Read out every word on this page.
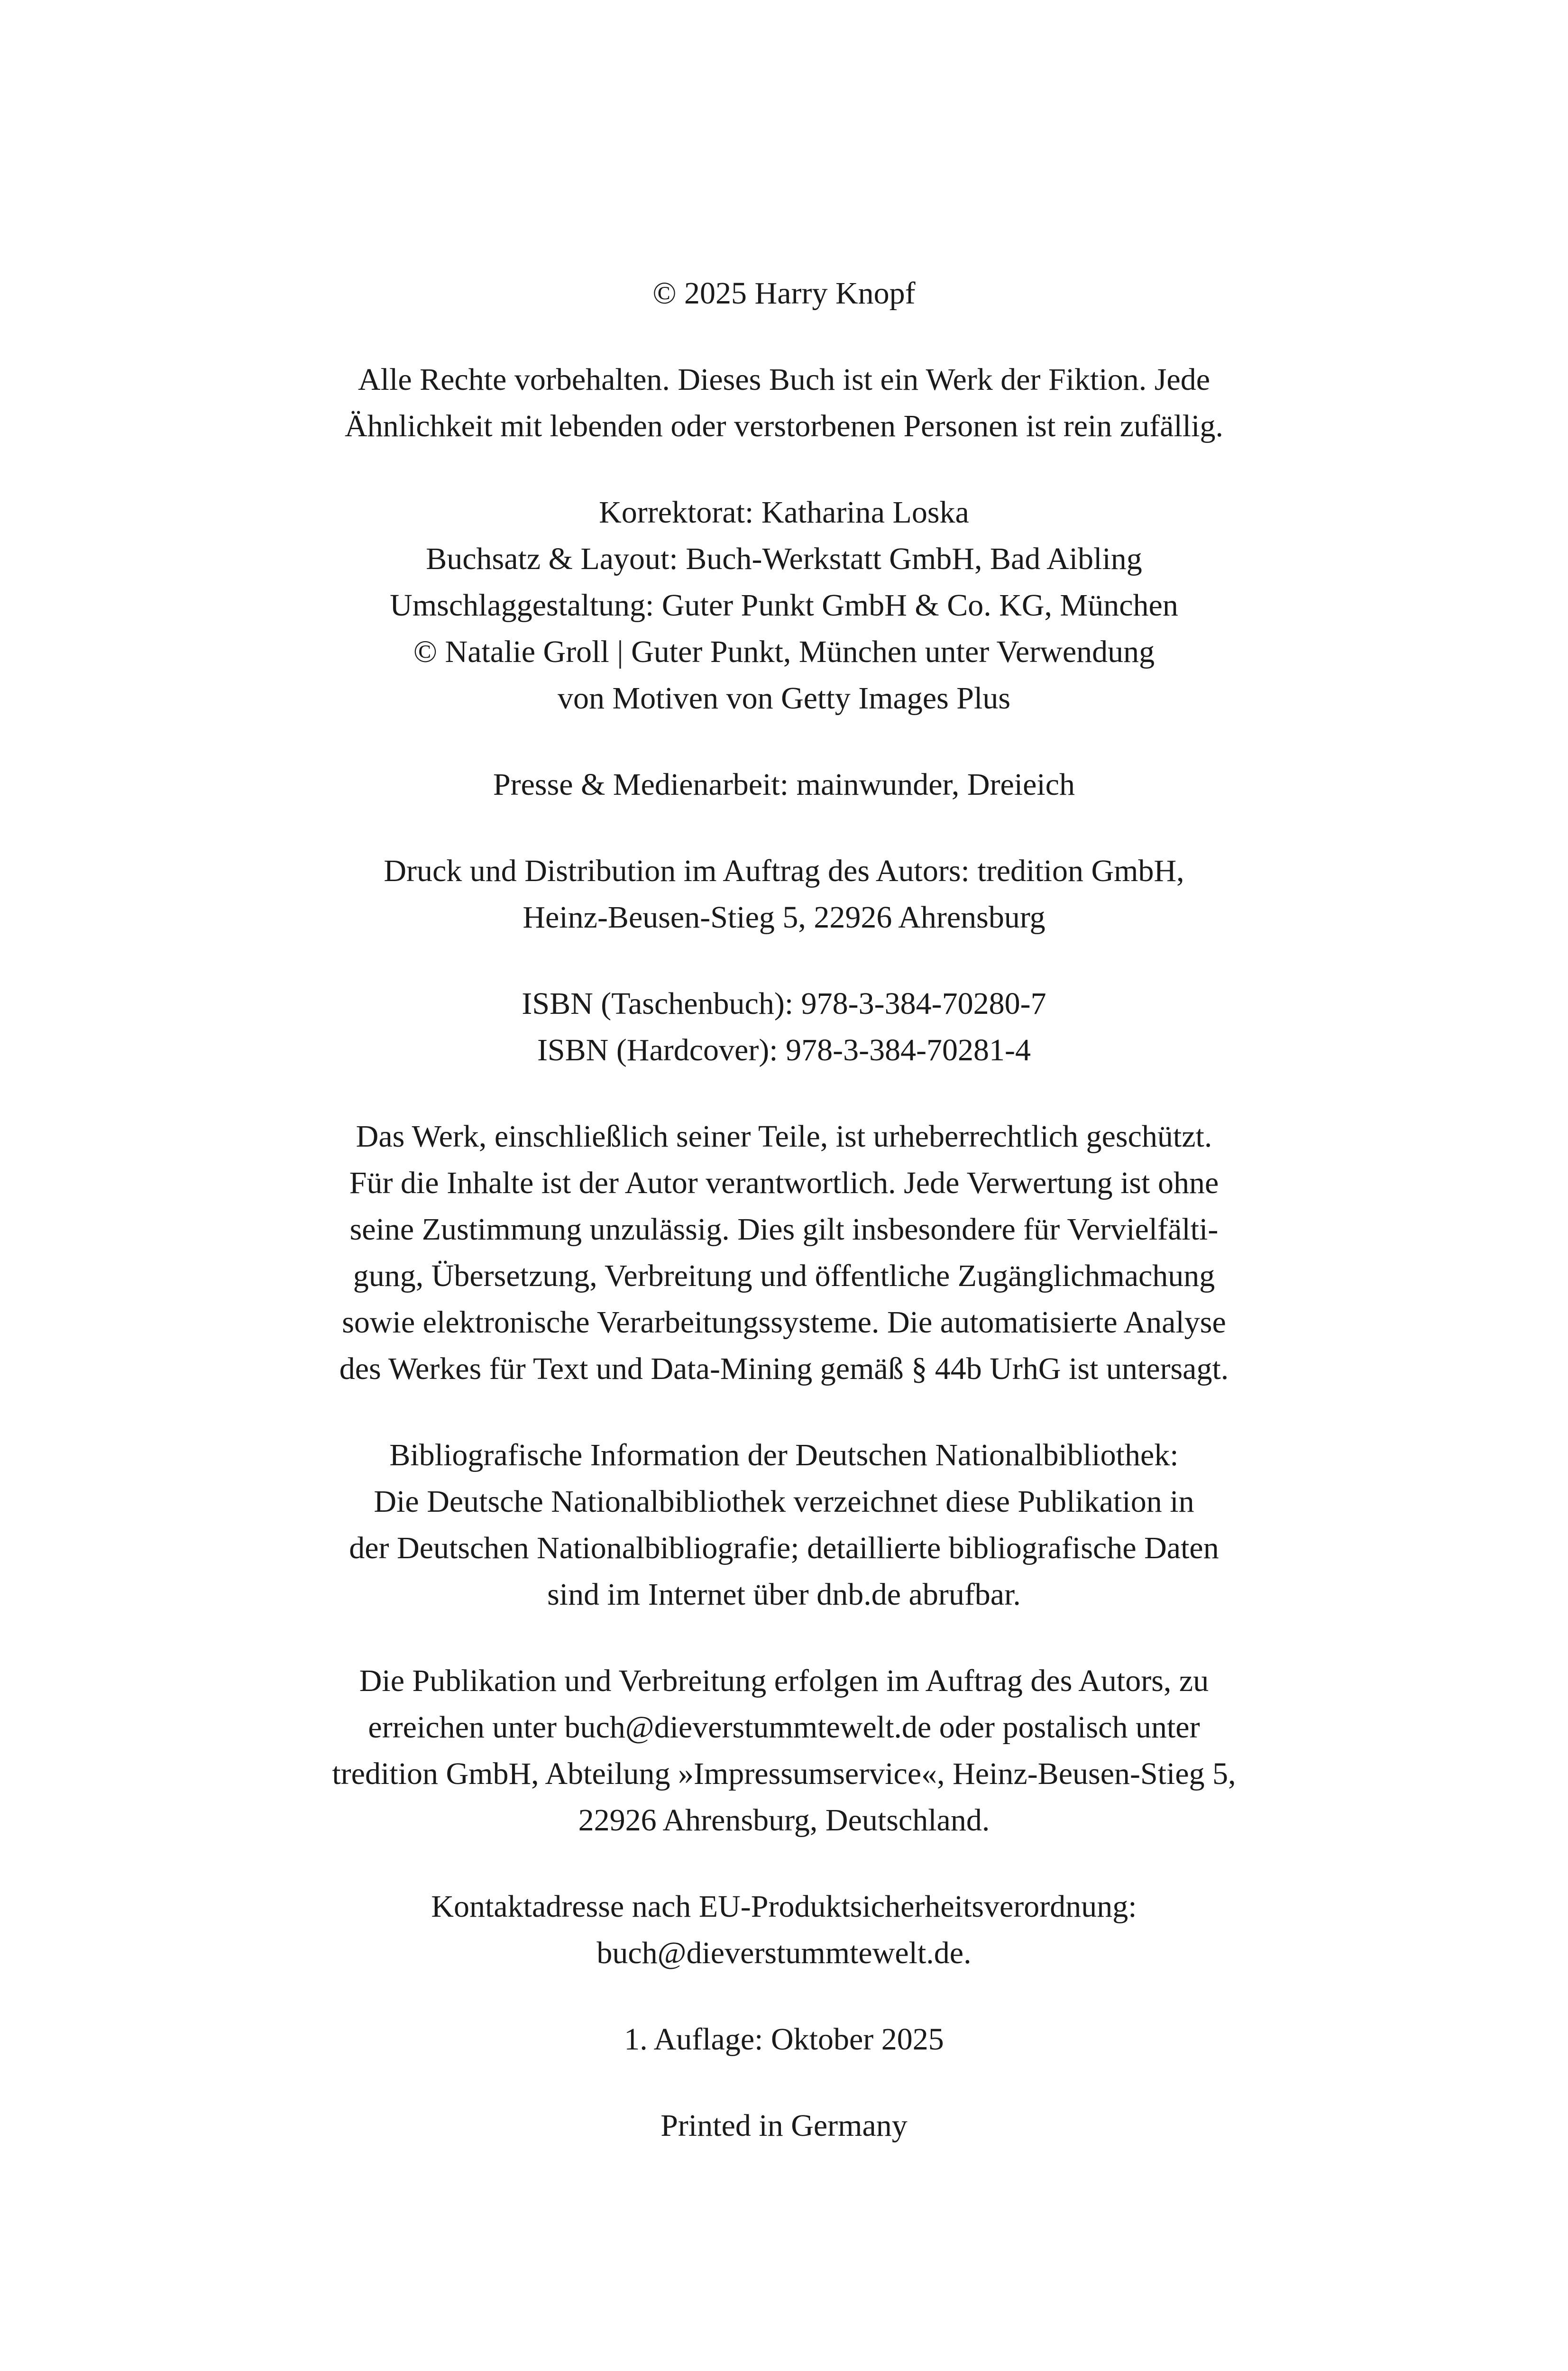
© 2025 Harry Knopf
Alle Rechte vorbehalten. Dieses Buch ist ein Werk der Fiktion. Jede
Ähnlichkeit mit lebenden oder verstorbenen Personen ist rein zufällig.
Korrektorat: Katharina Loska
Buchsatz & Layout: Buch-Werkstatt GmbH, Bad Aibling
Umschlaggestaltung: Guter Punkt GmbH & Co. KG, München
© Natalie Groll | Guter Punkt, München unter Verwendung
von Motiven von Getty Images Plus
Presse & Medienarbeit: mainwunder, Dreieich
Druck und Distribution im Auftrag des Autors: tredition GmbH,
Heinz-Beusen-Stieg 5, 22926 Ahrensburg
ISBN (Taschenbuch): 978-3-384-70280-7
ISBN (Hardcover): 978-3-384-70281-4
Das Werk, einschließlich seiner Teile, ist urheberrechtlich geschützt.
Für die Inhalte ist der Autor verantwortlich. Jede Verwertung ist ohne
seine Zustimmung unzulässig. Dies gilt insbesondere für Vervielfälti-
gung, Übersetzung, Verbreitung und öffentliche Zugänglichmachung
sowie elektronische Verarbeitungssysteme. Die automatisierte Analyse
des Werkes für Text und Data-Mining gemäß § 44b UrhG ist untersagt.
Bibliografische Information der Deutschen Nationalbibliothek:
Die Deutsche Nationalbibliothek verzeichnet diese Publikation in
der Deutschen Nationalbibliografie; detaillierte bibliografische Daten
sind im Internet über dnb.de abrufbar.
Die Publikation und Verbreitung erfolgen im Auftrag des Autors, zu
erreichen unter buch@dieverstummtewelt.de oder postalisch unter
tredition GmbH, Abteilung »Impressumservice«, Heinz-Beusen-Stieg 5,
22926 Ahrensburg, Deutschland.
Kontaktadresse nach EU-Produktsicherheitsverordnung:
buch@dieverstummtewelt.de.
1. Auflage: Oktober 2025
Printed in Germany
